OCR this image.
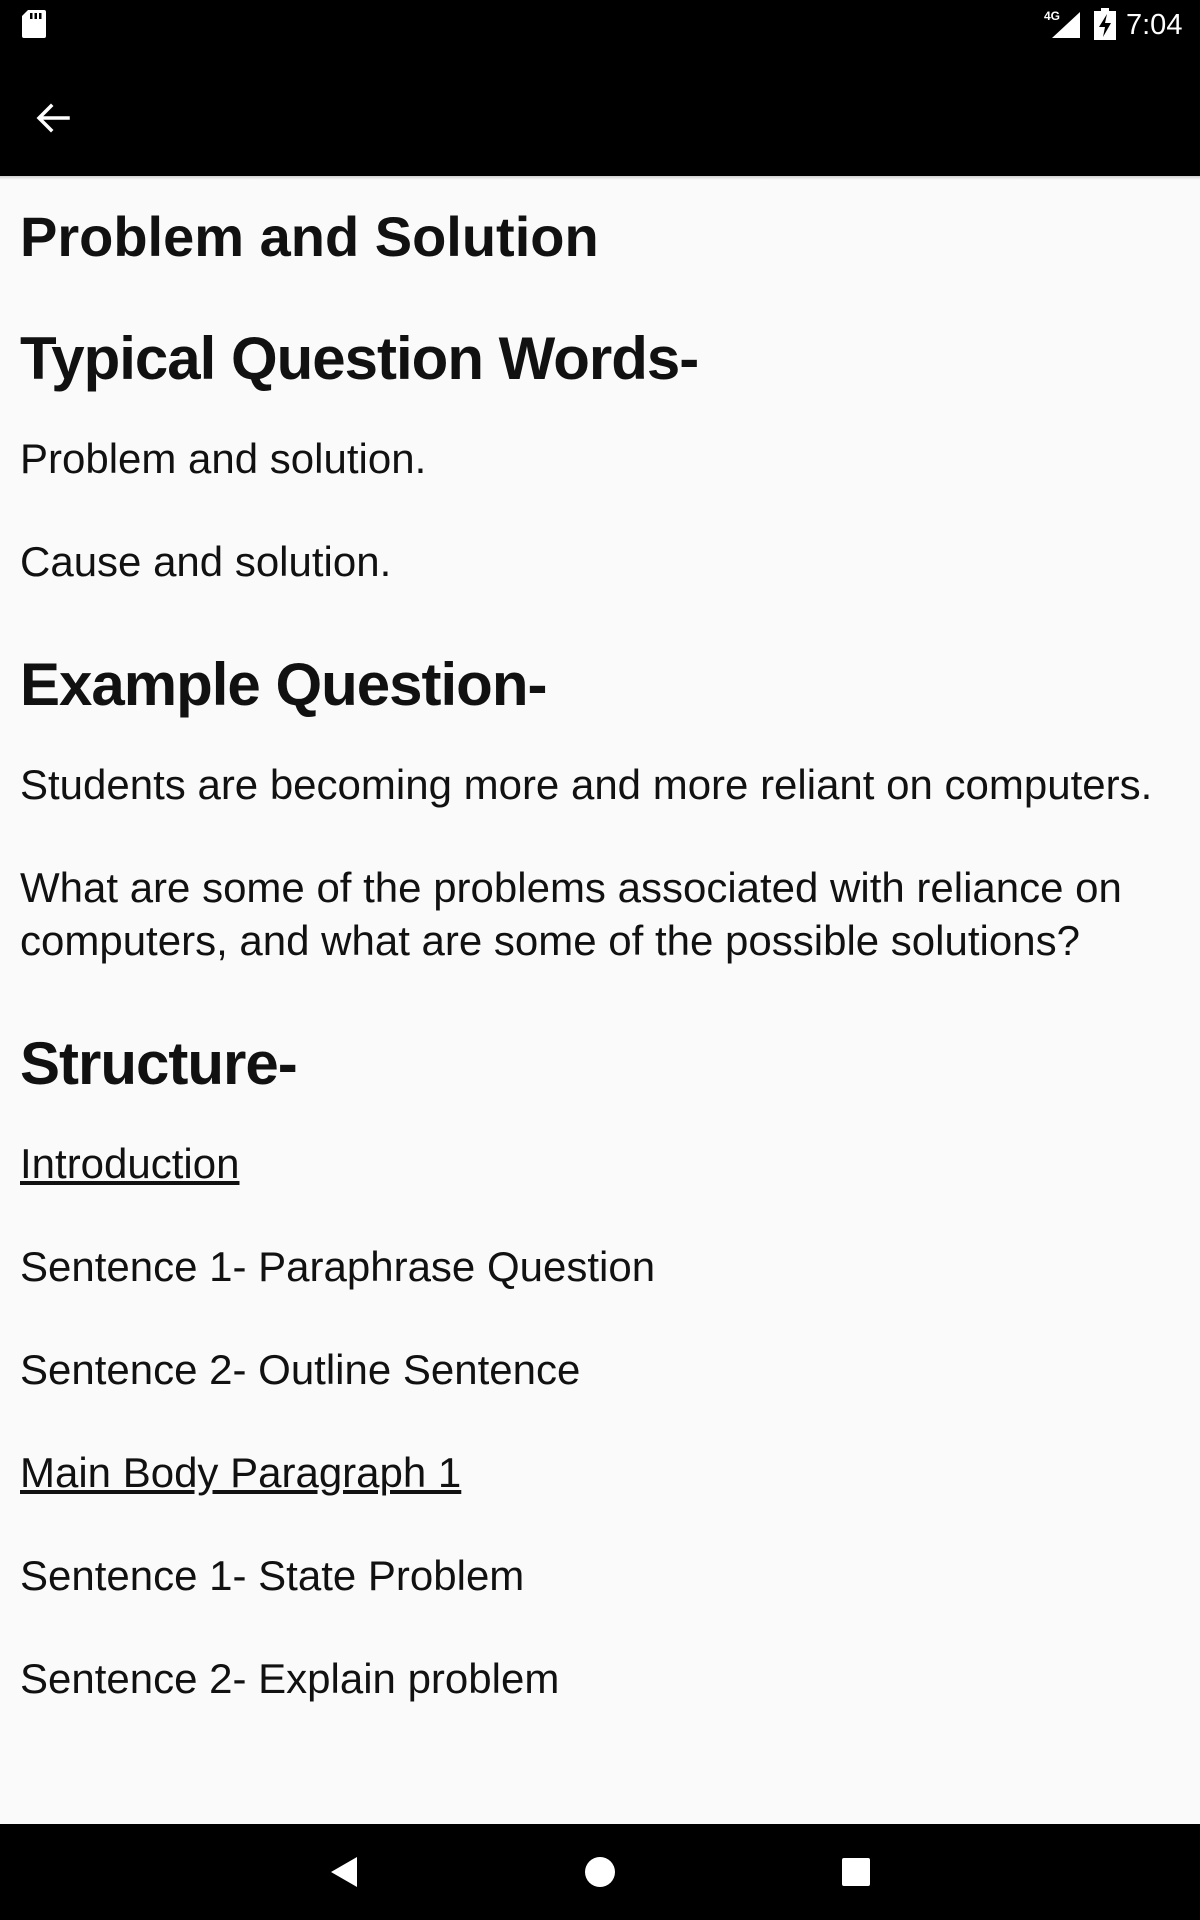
4G 7:04
Problem and Solution
Typical Question Words-

Problem and solution.

Cause and solution.

Example Question-

Students are becoming more and more reliant on computers.

What are some of the problems associated with reliance on computers, and what are some of the possible solutions?

Structure-

Introduction

Sentence 1- Paraphrase Question

Sentence 2- Outline Sentence

Main Body Paragraph 1

Sentence 1- State Problem

Sentence 2- Explain problem
